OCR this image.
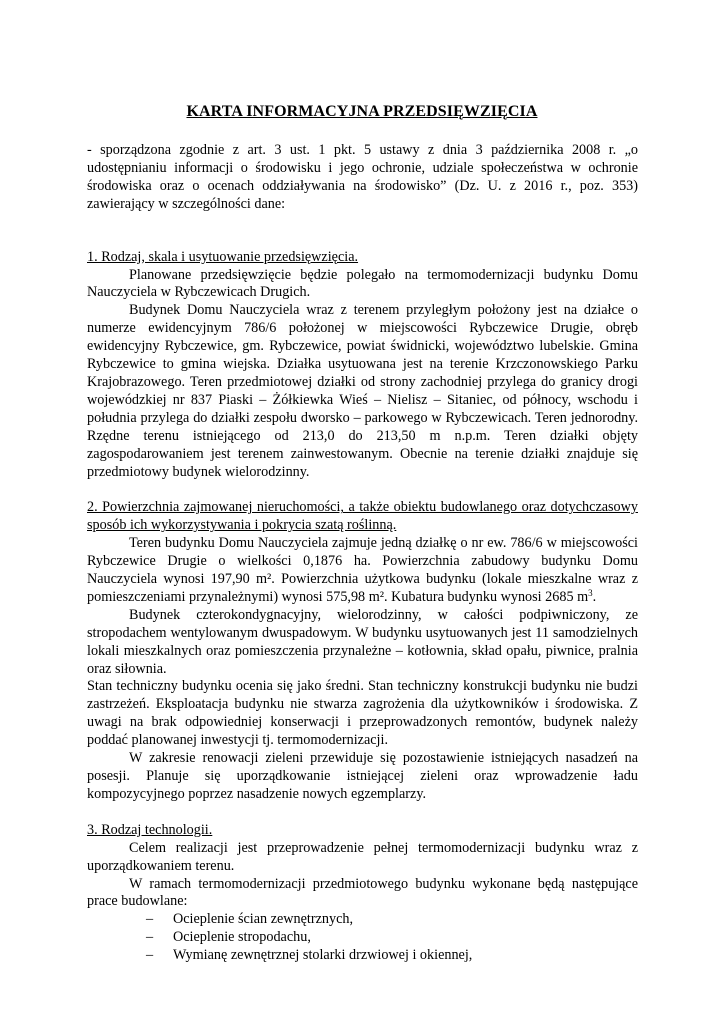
KARTA INFORMACYJNA PRZEDSIĘWZIĘCIA

- sporządzona zgodnie z art. 3 ust. 1 pkt. 5 ustawy z dnia 3 października 2008 r. „o udostępnianiu informacji o środowisku i jego ochronie, udziale społeczeństwa w ochronie środowiska oraz o ocenach oddziaływania na środowisko” (Dz. U. z 2016 r., poz. 353) zawierający w szczególności dane:

1. Rodzaj, skala i usytuowanie przedsięwzięcia.

Planowane przedsięwzięcie będzie polegało na termomodernizacji budynku Domu Nauczyciela w Rybczewicach Drugich.

Budynek Domu Nauczyciela wraz z terenem przyległym położony jest na działce o numerze ewidencyjnym 786/6 położonej w miejscowości Rybczewice Drugie, obręb ewidencyjny Rybczewice, gm. Rybczewice, powiat świdnicki, województwo lubelskie. Gmina Rybczewice to gmina wiejska. Działka usytuowana jest na terenie Krzczonowskiego Parku Krajobrazowego. Teren przedmiotowej działki od strony zachodniej przylega do granicy drogi wojewódzkiej nr 837 Piaski – Żółkiewka Wieś – Nielisz – Sitaniec, od północy, wschodu i południa przylega do działki zespołu dworsko – parkowego w Rybczewicach. Teren jednorodny. Rzędne terenu istniejącego od 213,0 do 213,50 m n.p.m. Teren działki objęty zagospodarowaniem jest terenem zainwestowanym. Obecnie na terenie działki znajduje się przedmiotowy budynek wielorodzinny.

2. Powierzchnia zajmowanej nieruchomości, a także obiektu budowlanego oraz dotychczasowy sposób ich wykorzystywania i pokrycia szatą roślinną.

Teren budynku Domu Nauczyciela zajmuje jedną działkę o nr ew. 786/6 w miejscowości Rybczewice Drugie o wielkości 0,1876 ha. Powierzchnia zabudowy budynku Domu Nauczyciela wynosi 197,90 m². Powierzchnia użytkowa budynku (lokale mieszkalne wraz z pomieszczeniami przynależnymi) wynosi 575,98 m². Kubatura budynku wynosi 2685 $m^3$.

Budynek czterokondygnacyjny, wielorodzinny, w całości podpiwniczony, ze stropodachem wentylowanym dwuspadowym. W budynku usytuowanych jest 11 samodzielnych lokali mieszkalnych oraz pomieszczenia przynależne – kotłownia, skład opału, piwnice, pralnia oraz siłownia.

Stan techniczny budynku ocenia się jako średni. Stan techniczny konstrukcji budynku nie budzi zastrzeżeń. Eksploatacja budynku nie stwarza zagrożenia dla użytkowników i środowiska. Z uwagi na brak odpowiedniej konserwacji i przeprowadzonych remontów, budynek należy poddać planowanej inwestycji tj. termomodernizacji.

W zakresie renowacji zieleni przewiduje się pozostawienie istniejących nasadzeń na posesji. Planuje się uporządkowanie istniejącej zieleni oraz wprowadzenie ładu kompozycyjnego poprzez nasadzenie nowych egzemplarzy.

3. Rodzaj technologii.

Celem realizacji jest przeprowadzenie pełnej termomodernizacji budynku wraz z uporządkowaniem terenu.

W ramach termomodernizacji przedmiotowego budynku wykonane będą następujące prace budowlane:

– Ocieplenie ścian zewnętrznych,
– Ocieplenie stropodachu,
– Wymianę zewnętrznej stolarki drzwiowej i okiennej,
